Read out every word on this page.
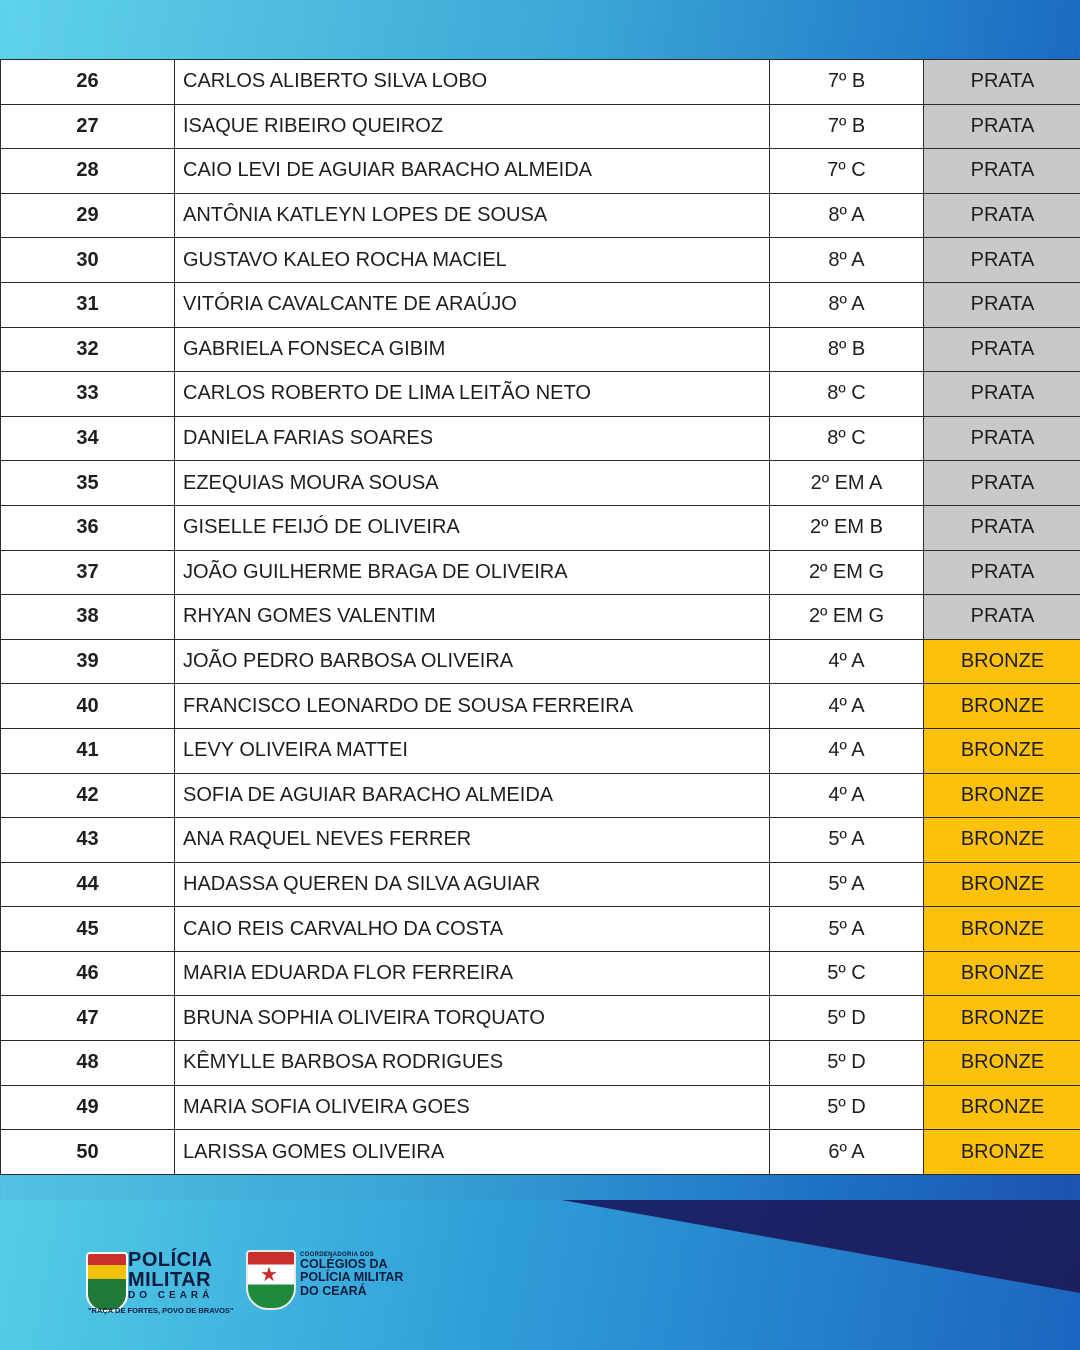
26	CARLOS ALIBERTO SILVA LOBO	7º B	PRATA
27	ISAQUE RIBEIRO QUEIROZ	7º B	PRATA
28	CAIO LEVI DE AGUIAR BARACHO ALMEIDA	7º C	PRATA
29	ANTÔNIA KATLEYN LOPES DE SOUSA	8º A	PRATA
30	GUSTAVO KALEO ROCHA MACIEL	8º A	PRATA
31	VITÓRIA CAVALCANTE DE ARAÚJO	8º A	PRATA
32	GABRIELA FONSECA GIBIM	8º B	PRATA
33	CARLOS ROBERTO DE LIMA LEITÃO NETO	8º C	PRATA
34	DANIELA FARIAS SOARES	8º C	PRATA
35	EZEQUIAS MOURA SOUSA	2º EM A	PRATA
36	GISELLE FEIJÓ DE OLIVEIRA	2º EM B	PRATA
37	JOÃO GUILHERME BRAGA DE OLIVEIRA	2º EM G	PRATA
38	RHYAN GOMES VALENTIM	2º EM G	PRATA
39	JOÃO PEDRO BARBOSA OLIVEIRA	4º A	BRONZE
40	FRANCISCO LEONARDO DE SOUSA FERREIRA	4º A	BRONZE
41	LEVY OLIVEIRA MATTEI	4º A	BRONZE
42	SOFIA DE AGUIAR BARACHO ALMEIDA	4º A	BRONZE
43	ANA RAQUEL NEVES FERRER	5º A	BRONZE
44	HADASSA QUEREN DA SILVA AGUIAR	5º A	BRONZE
45	CAIO REIS CARVALHO DA COSTA	5º A	BRONZE
46	MARIA EDUARDA FLOR FERREIRA	5º C	BRONZE
47	BRUNA SOPHIA OLIVEIRA TORQUATO	5º D	BRONZE
48	KÊMYLLE BARBOSA RODRIGUES	5º D	BRONZE
49	MARIA SOFIA OLIVEIRA GOES	5º D	BRONZE
50	LARISSA GOMES OLIVEIRA	6º A	BRONZE
POLÍCIA
MILITAR
DO CEARÁ
"RAÇA DE FORTES, POVO DE BRAVOS"
★
COORDENADORIA DOS
COLÉGIOS DA
POLÍCIA MILITAR
DO CEARÁ
